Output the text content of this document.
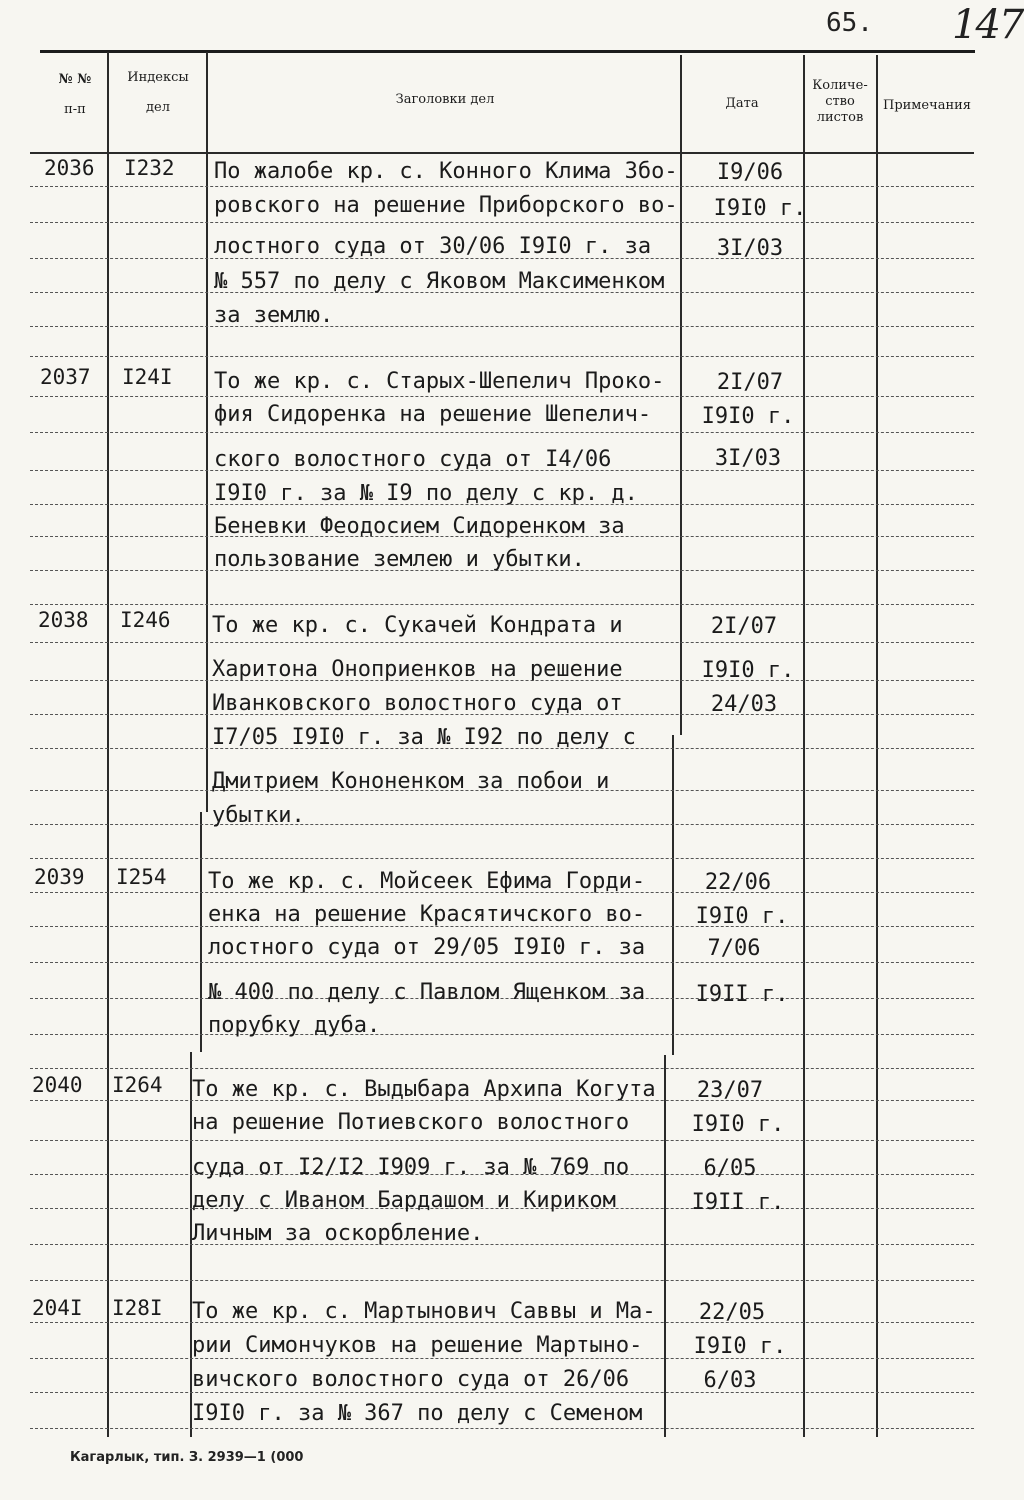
65. 147
№ №
п-п
Индексы
дел
Заголовки дел	Дата
Количе-
ство
листов
Примечания
2036 I232 По жалобе кр. с. Конного Клима Збо-
ровского на решение Приборского во-
лостного суда от 30/06 I9I0 г. за
№ 557 по делу с Яковом Максименком
за землю.
I9/06
I9I0 г.
3I/03
2037 I24I То же кр. с. Старых-Шепелич Проко-
фия Сидоренка на решение Шепелич-
ского волостного суда от I4/06
I9I0 г. за № I9 по делу с кр. д.
Беневки Феодосием Сидоренком за
пользование землею и убытки.
2I/07
I9I0 г.
3I/03
2038 I246 То же кр. с. Сукачей Кондрата и
Харитона Оноприенков на решение
Иванковского волостного суда от
I7/05 I9I0 г. за № I92 по делу с
Дмитрием Кононенком за побои и
убытки.
2I/07
I9I0 г.
24/03
2039 I254 То же кр. с. Мойсеек Ефима Горди-
енка на решение Красятичского во-
лостного суда от 29/05 I9I0 г. за
№ 400 по делу с Павлом Ященком за
порубку дуба.
22/06
I9I0 г.
7/06
I9II г.
2040 I264 То же кр. с. Выдыбара Архипа Когута
на решение Потиевского волостного
суда от I2/I2 I909 г. за № 769 по
делу с Иваном Бардашом и Кириком
Личным за оскорбление.
23/07
I9I0 г.
6/05
I9II г.
204I I28I То же кр. с. Мартынович Саввы и Ма-
рии Симончуков на решение Мартыно-
вичского волостного суда от 26/06
I9I0 г. за № 367 по делу с Семеном
22/05
I9I0 г.
6/03
Кагарлык, тип. З. 2939—1 (000
